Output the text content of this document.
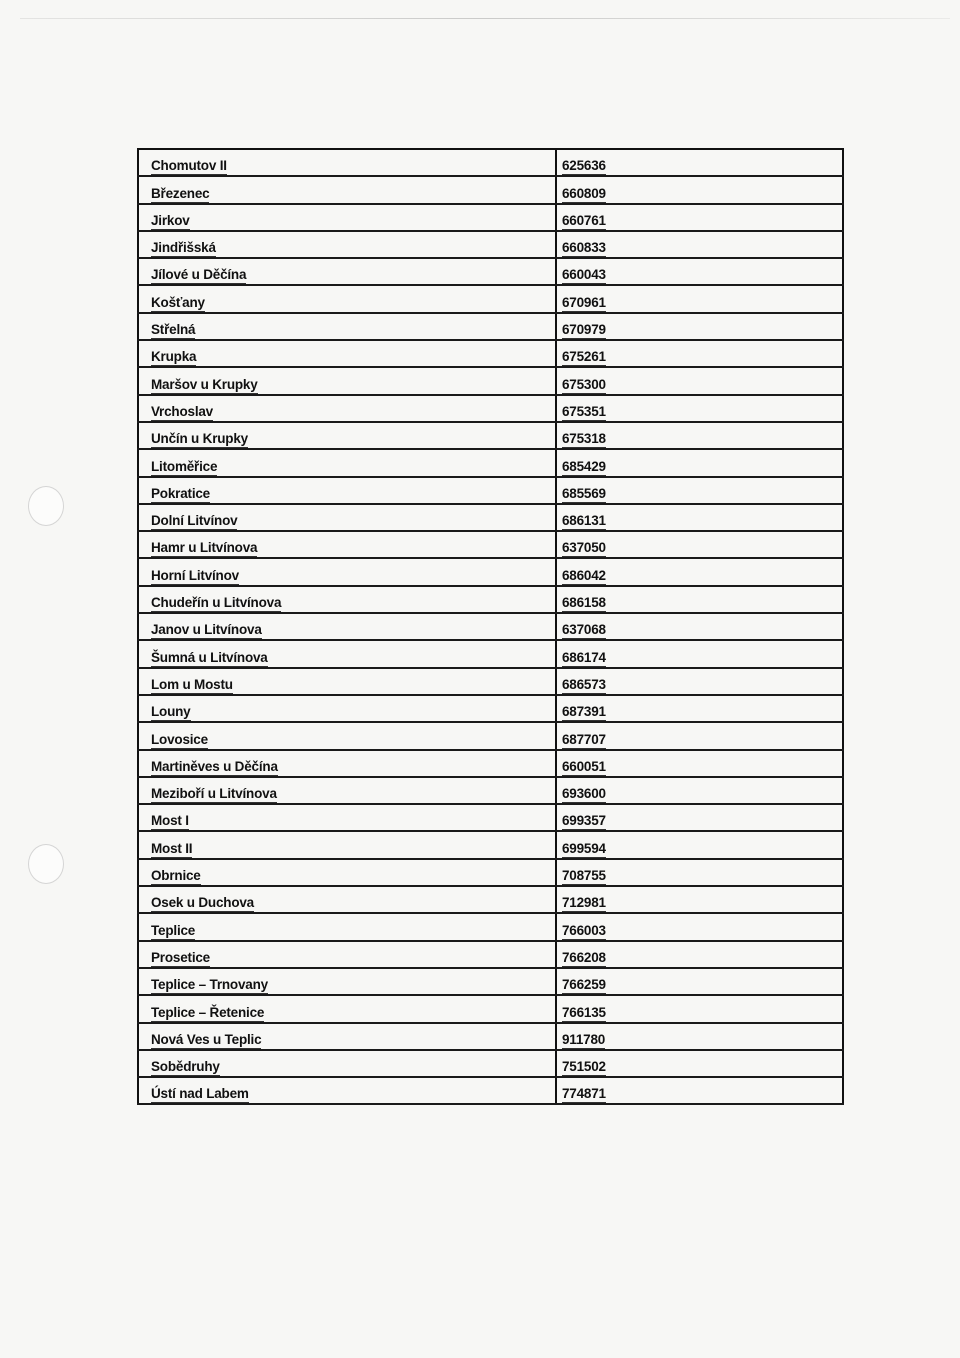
Chomutov II	625636
Březenec	660809
Jirkov	660761
Jindřišská	660833
Jílové u Děčína	660043
Košťany	670961
Střelná	670979
Krupka	675261
Maršov u Krupky	675300
Vrchoslav	675351
Unčín u Krupky	675318
Litoměřice	685429
Pokratice	685569
Dolní Litvínov	686131
Hamr u Litvínova	637050
Horní Litvínov	686042
Chudeřín u Litvínova	686158
Janov u Litvínova	637068
Šumná u Litvínova	686174
Lom u Mostu	686573
Louny	687391
Lovosice	687707
Martiněves u Děčína	660051
Meziboří u Litvínova	693600
Most I	699357
Most II	699594
Obrnice	708755
Osek u Duchova	712981
Teplice	766003
Prosetice	766208
Teplice – Trnovany	766259
Teplice – Řetenice	766135
Nová Ves u Teplic	911780
Sobědruhy	751502
Ústí nad Labem	774871
